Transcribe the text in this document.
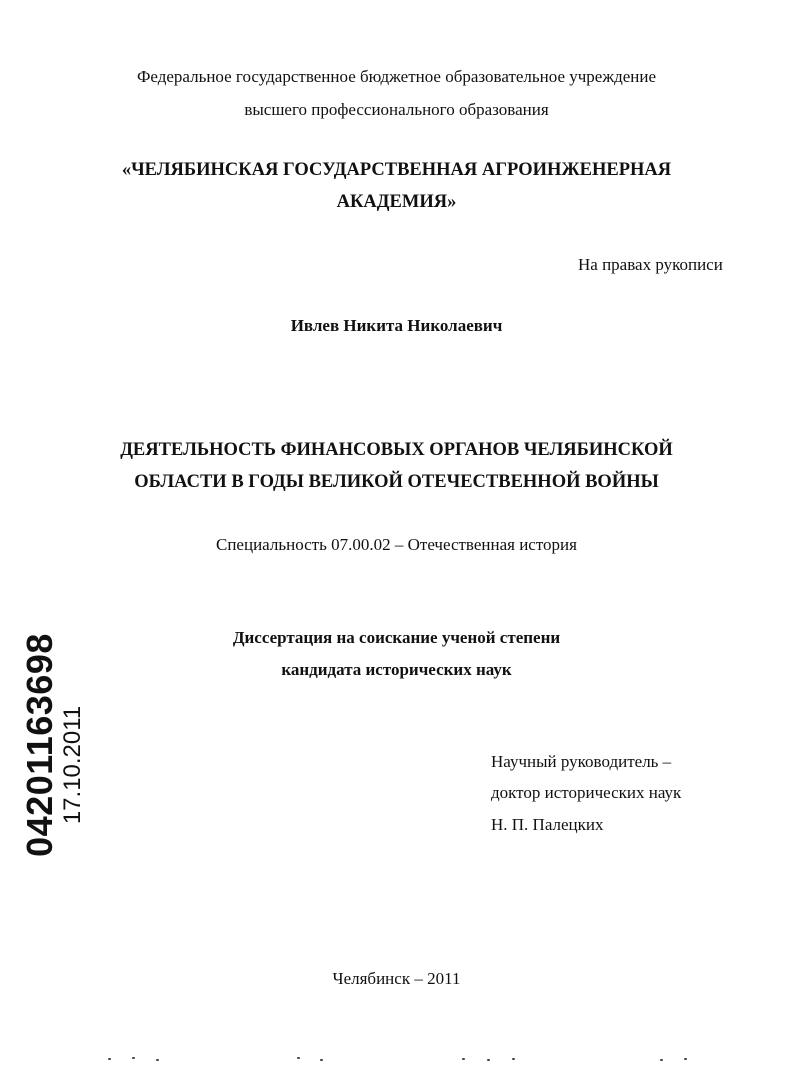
Федеральное государственное бюджетное образовательное учреждение
высшего профессионального образования
«ЧЕЛЯБИНСКАЯ ГОСУДАРСТВЕННАЯ АГРОИНЖЕНЕРНАЯ
АКАДЕМИЯ»
На правах рукописи
Ивлев Никита Николаевич
ДЕЯТЕЛЬНОСТЬ ФИНАНСОВЫХ ОРГАНОВ ЧЕЛЯБИНСКОЙ
ОБЛАСТИ В ГОДЫ ВЕЛИКОЙ ОТЕЧЕСТВЕННОЙ ВОЙНЫ
Специальность 07.00.02 – Отечественная история
Диссертация на соискание ученой степени
кандидата исторических наук
Научный руководитель –
доктор исторических наук
Н. П. Палецких
Челябинск – 2011
04201163698 17.10.2011
